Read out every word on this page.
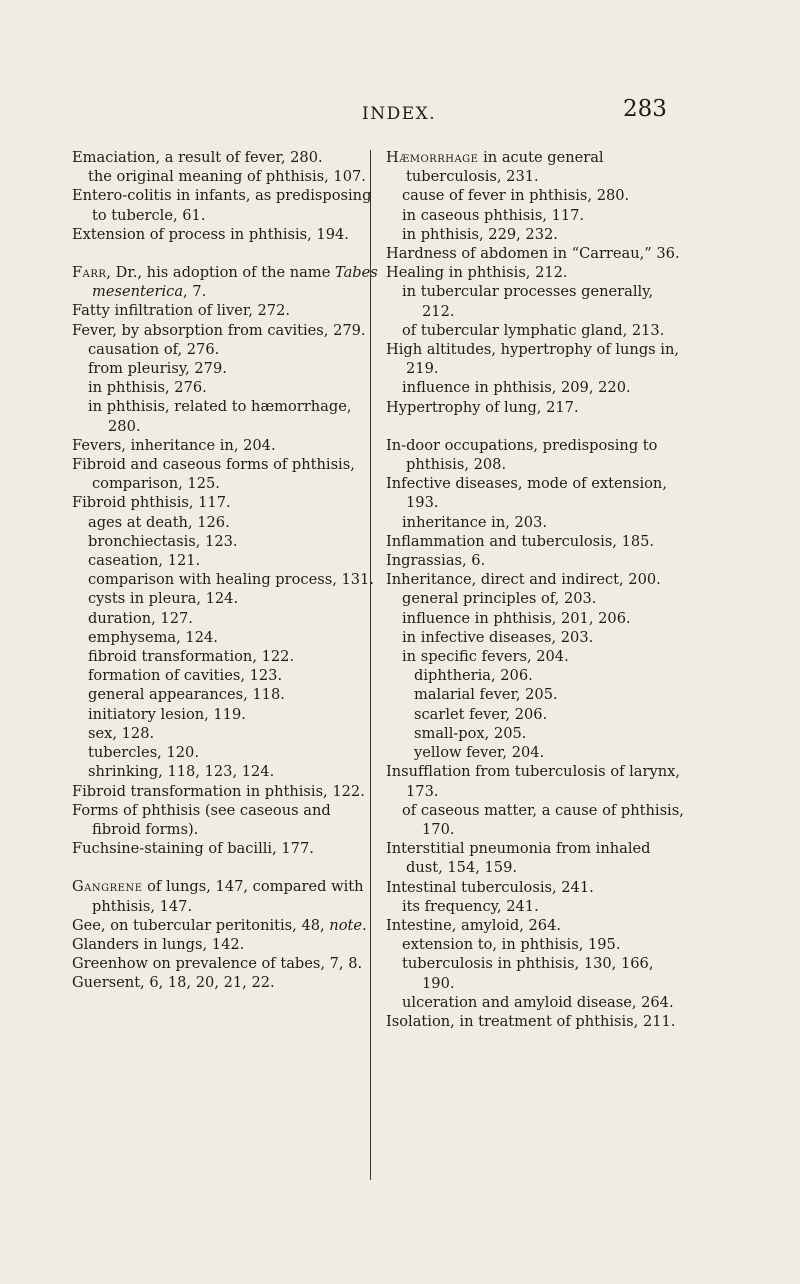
INDEX.	283

Emaciation, a result of fever, 280.

the original meaning of phthisis, 107.

Entero-colitis in infants, as predisposing to tubercle, 61.

Extension of process in phthisis, 194.

Farr, Dr., his adoption of the name Tabes mesenterica, 7.

Fatty infiltration of liver, 272.

Fever, by absorption from cavities, 279.

causation of, 276.

from pleurisy, 279.

in phthisis, 276.

in phthisis, related to hæmorrhage, 280.

Fevers, inheritance in, 204.

Fibroid and caseous forms of phthisis, comparison, 125.

Fibroid phthisis, 117.

ages at death, 126.

bronchiectasis, 123.

caseation, 121.

comparison with healing process, 131.

cysts in pleura, 124.

duration, 127.

emphysema, 124.

fibroid transformation, 122.

formation of cavities, 123.

general appearances, 118.

initiatory lesion, 119.

sex, 128.

tubercles, 120.

shrinking, 118, 123, 124.

Fibroid transformation in phthisis, 122.

Forms of phthisis (see caseous and fibroid forms).

Fuchsine-staining of bacilli, 177.

Gangrene of lungs, 147, compared with phthisis, 147.

Gee, on tubercular peritonitis, 48, note.

Glanders in lungs, 142.

Greenhow on prevalence of tabes, 7, 8.

Guersent, 6, 18, 20, 21, 22.

Hæmorrhage in acute general tuberculosis, 231.

cause of fever in phthisis, 280.

in caseous phthisis, 117.

in phthisis, 229, 232.

Hardness of abdomen in “Carreau,” 36.

Healing in phthisis, 212.

in tubercular processes generally, 212.

of tubercular lymphatic gland, 213.

High altitudes, hypertrophy of lungs in, 219.

influence in phthisis, 209, 220.

Hypertrophy of lung, 217.

In-door occupations, predisposing to phthisis, 208.

Infective diseases, mode of extension, 193.

inheritance in, 203.

Inflammation and tuberculosis, 185.

Ingrassias, 6.

Inheritance, direct and indirect, 200.

general principles of, 203.

influence in phthisis, 201, 206.

in infective diseases, 203.

in specific fevers, 204.

diphtheria, 206.

malarial fever, 205.

scarlet fever, 206.

small-pox, 205.

yellow fever, 204.

Insufflation from tuberculosis of larynx, 173.

of caseous matter, a cause of phthisis, 170.

Interstitial pneumonia from inhaled dust, 154, 159.

Intestinal tuberculosis, 241.

its frequency, 241.

Intestine, amyloid, 264.

extension to, in phthisis, 195.

tuberculosis in phthisis, 130, 166, 190.

ulceration and amyloid disease, 264.

Isolation, in treatment of phthisis, 211.
